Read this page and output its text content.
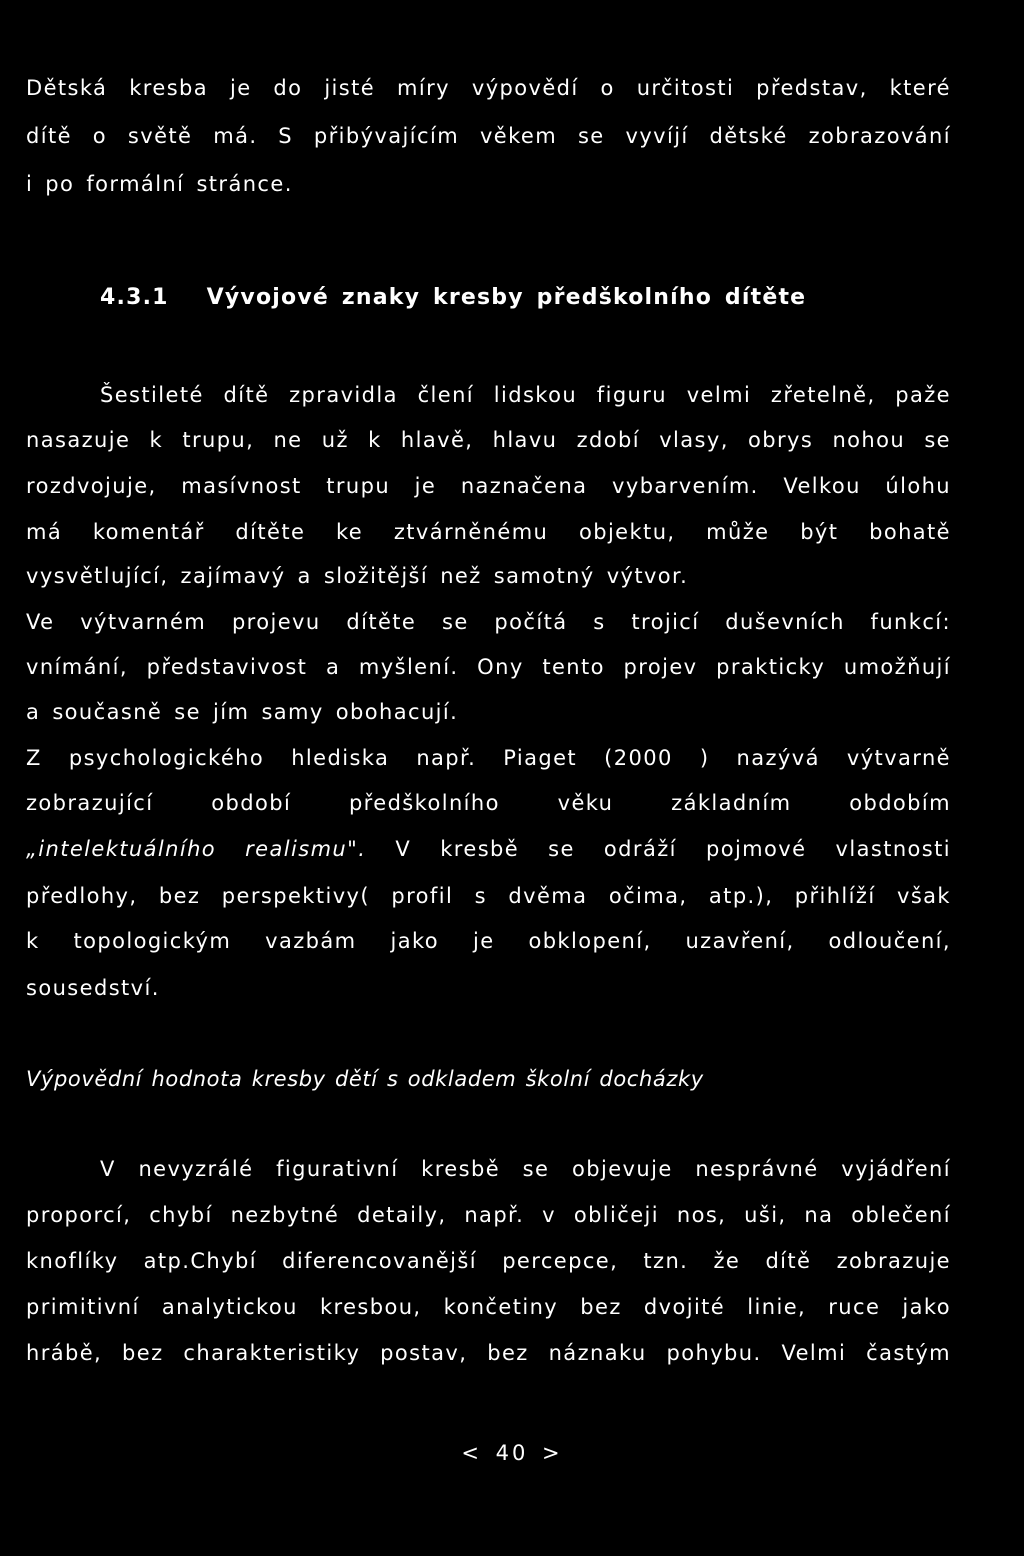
Dětská kresba je do jisté míry výpovědí o určitosti představ, které
dítě o světě má. S přibývajícím věkem se vyvíjí dětské zobrazování
i po formální stránce.
4.3.1 Vývojové znaky kresby předškolního dítěte
Šestileté dítě zpravidla člení lidskou figuru velmi zřetelně, paže
nasazuje k trupu, ne už k hlavě, hlavu zdobí vlasy, obrys nohou se
rozdvojuje, masívnost trupu je naznačena vybarvením. Velkou úlohu
má komentář dítěte ke ztvárněnému objektu, může být bohatě
vysvětlující, zajímavý a složitější než samotný výtvor.
Ve výtvarném projevu dítěte se počítá s trojicí duševních funkcí:
vnímání, představivost a myšlení. Ony tento projev prakticky umožňují
a současně se jím samy obohacují.
Z psychologického hlediska např. Piaget (2000 ) nazývá výtvarně
zobrazující období předškolního věku základním obdobím
„intelektuálního realismu". V kresbě se odráží pojmové vlastnosti
předlohy, bez perspektivy( profil s dvěma očima, atp.), přihlíží však
k topologickým vazbám jako je obklopení, uzavření, odloučení,
sousedství.
Výpovědní hodnota kresby dětí s odkladem školní docházky
V nevyzrálé figurativní kresbě se objevuje nesprávné vyjádření
proporcí, chybí nezbytné detaily, např. v obličeji nos, uši, na oblečení
knoflíky atp.Chybí diferencovanější percepce, tzn. že dítě zobrazuje
primitivní analytickou kresbou, končetiny bez dvojité linie, ruce jako
hrábě, bez charakteristiky postav, bez náznaku pohybu. Velmi častým
< 40 >
